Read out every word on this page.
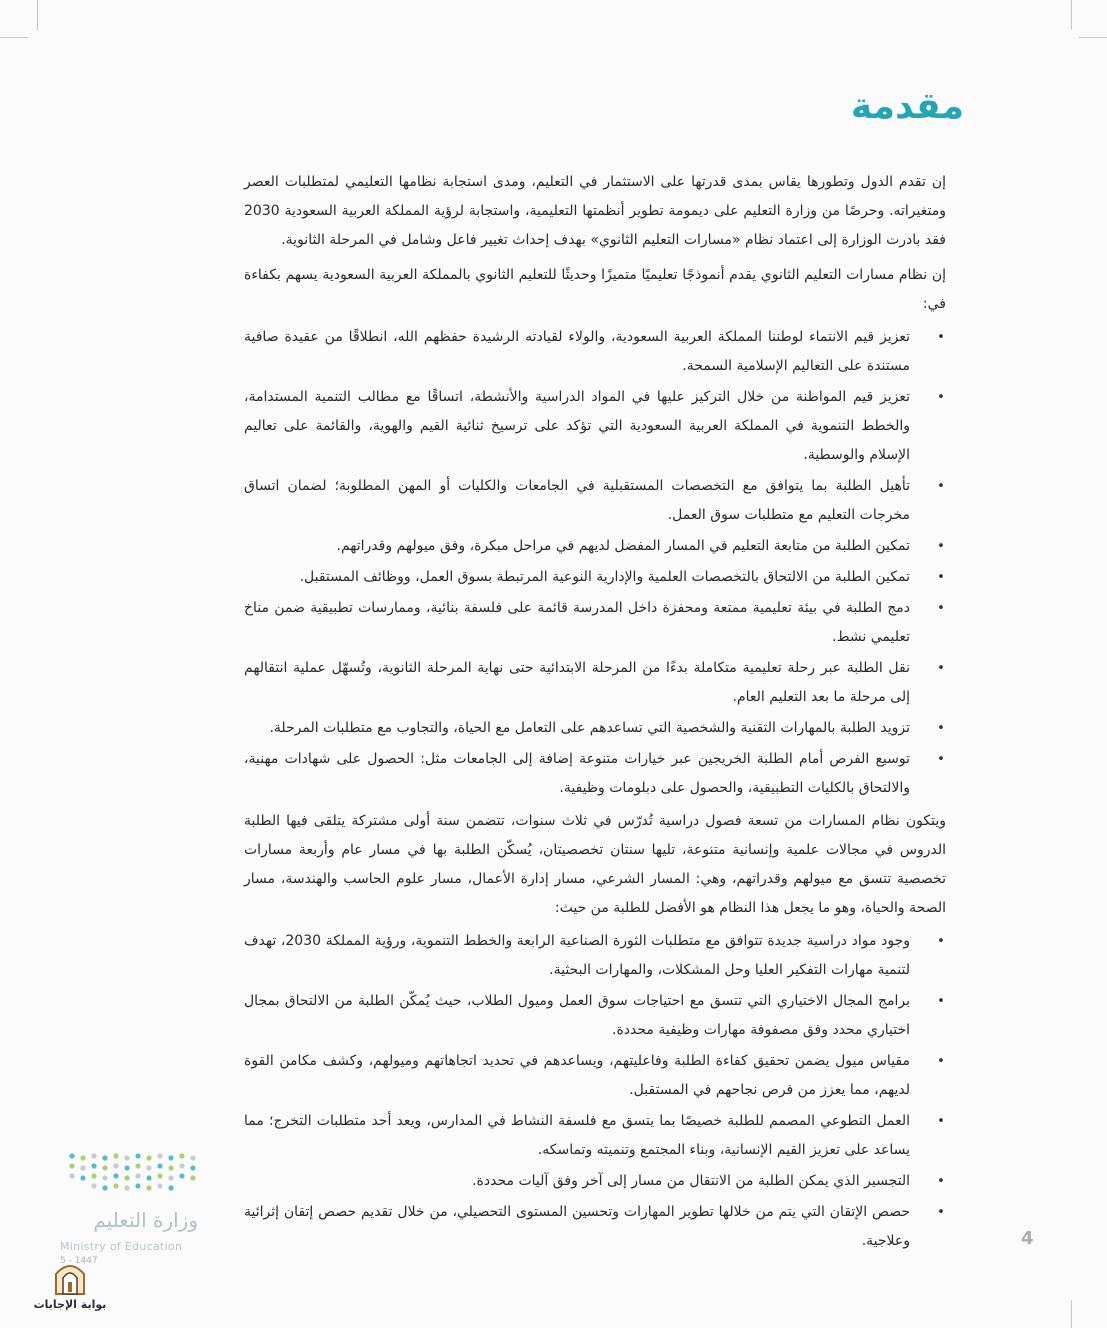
مقدمة

إن تقدم الدول وتطورها يقاس بمدى قدرتها على الاستثمار في التعليم، ومدى استجابة نظامها التعليمي لمتطلبات العصر ومتغيراته. وحرصًا من وزارة التعليم على ديمومة تطوير أنظمتها التعليمية، واستجابة لرؤية المملكة العربية السعودية 2030 فقد بادرت الوزارة إلى اعتماد نظام «مسارات التعليم الثانوي» بهدف إحداث تغيير فاعل وشامل في المرحلة الثانوية.

إن نظام مسارات التعليم الثانوي يقدم أنموذجًا تعليميًا متميزًا وحديثًا للتعليم الثانوي بالمملكة العربية السعودية يسهم بكفاءة في:

•
تعزيز قيم الانتماء لوطننا المملكة العربية السعودية، والولاء لقيادته الرشيدة حفظهم الله، انطلاقًا من عقيدة صافية مستندة على التعاليم الإسلامية السمحة.
•
تعزيز قيم المواطنة من خلال التركيز عليها في المواد الدراسية والأنشطة، اتساقًا مع مطالب التنمية المستدامة، والخطط التنموية في المملكة العربية السعودية التي تؤكد على ترسيخ ثنائية القيم والهوية، والقائمة على تعاليم الإسلام والوسطية.
•
تأهيل الطلبة بما يتوافق مع التخصصات المستقبلية في الجامعات والكليات أو المهن المطلوبة؛ لضمان اتساق مخرجات التعليم مع متطلبات سوق العمل.
•
تمكين الطلبة من متابعة التعليم في المسار المفضل لديهم في مراحل مبكرة، وفق ميولهم وقدراتهم.
•
تمكين الطلبة من الالتحاق بالتخصصات العلمية والإدارية النوعية المرتبطة بسوق العمل، ووظائف المستقبل.
•
دمج الطلبة في بيئة تعليمية ممتعة ومحفزة داخل المدرسة قائمة على فلسفة بنائية، وممارسات تطبيقية ضمن مناخ تعليمي نشط.
•
نقل الطلبة عبر رحلة تعليمية متكاملة بدءًا من المرحلة الابتدائية حتى نهاية المرحلة الثانوية، وتُسهّل عملية انتقالهم إلى مرحلة ما بعد التعليم العام.
•
تزويد الطلبة بالمهارات التقنية والشخصية التي تساعدهم على التعامل مع الحياة، والتجاوب مع متطلبات المرحلة.
•
توسيع الفرص أمام الطلبة الخريجين عبر خيارات متنوعة إضافة إلى الجامعات مثل: الحصول على شهادات مهنية، والالتحاق بالكليات التطبيقية، والحصول على دبلومات وظيفية.

ويتكون نظام المسارات من تسعة فصول دراسية تُدرّس في ثلاث سنوات، تتضمن سنة أولى مشتركة يتلقى فيها الطلبة الدروس في مجالات علمية وإنسانية متنوعة، تليها سنتان تخصصيتان، يُسكّن الطلبة بها في مسار عام وأربعة مسارات تخصصية تتسق مع ميولهم وقدراتهم، وهي: المسار الشرعي، مسار إدارة الأعمال، مسار علوم الحاسب والهندسة، مسار الصحة والحياة، وهو ما يجعل هذا النظام هو الأفضل للطلبة من حيث:

•
وجود مواد دراسية جديدة تتوافق مع متطلبات الثورة الصناعية الرابعة والخطط التنموية، ورؤية المملكة 2030، تهدف لتنمية مهارات التفكير العليا وحل المشكلات، والمهارات البحثية.
•
برامج المجال الاختياري التي تتسق مع احتياجات سوق العمل وميول الطلاب، حيث يُمكّن الطلبة من الالتحاق بمجال اختياري محدد وفق مصفوفة مهارات وظيفية محددة.
•
مقياس ميول يضمن تحقيق كفاءة الطلبة وفاعليتهم، ويساعدهم في تحديد اتجاهاتهم وميولهم، وكشف مكامن القوة لديهم، مما يعزز من فرص نجاحهم في المستقبل.
•
العمل التطوعي المصمم للطلبة خصيصًا بما يتسق مع فلسفة النشاط في المدارس، ويعد أحد متطلبات التخرج؛ مما يساعد على تعزيز القيم الإنسانية، وبناء المجتمع وتنميته وتماسكه.
•
التجسير الذي يمكن الطلبة من الانتقال من مسار إلى آخر وفق آليات محددة.
•
حصص الإتقان التي يتم من خلالها تطوير المهارات وتحسين المستوى التحصيلي، من خلال تقديم حصص إتقان إثرائية وعلاجية.
وزارة التعليم
Ministry of Education
5 - 1447
4
بوابة الإجابات
